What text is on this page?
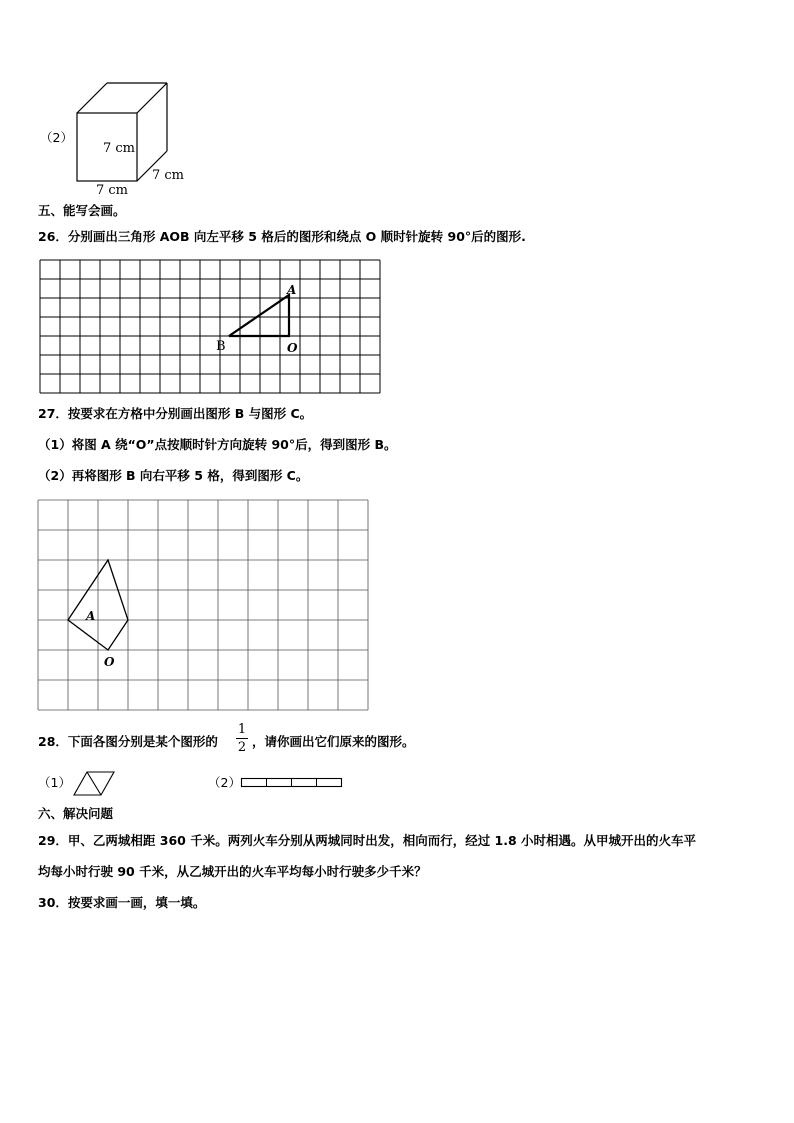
（2）
7 cm
7 cm
7 cm
五、能写会画。
26．分别画出三角形 AOB 向左平移 5 格后的图形和绕点 O 顺时针旋转 90°后的图形.
A
B	O
27．按要求在方格中分别画出图形 B 与图形 C。
（1）将图 A 绕“O”点按顺时针方向旋转 90°后，得到图形 B。
（2）再将图形 B 向右平移 5 格，得到图形 C。
A
O
28．下面各图分别是某个图形的
1
2 ，请你画出它们原来的图形。
（1）	（2）
六、解决问题
29．甲、乙两城相距 360 千米。两列火车分别从两城同时出发，相向而行，经过 1.8 小时相遇。从甲城开出的火车平
均每小时行驶 90 千米，从乙城开出的火车平均每小时行驶多少千米？
30．按要求画一画，填一填。
